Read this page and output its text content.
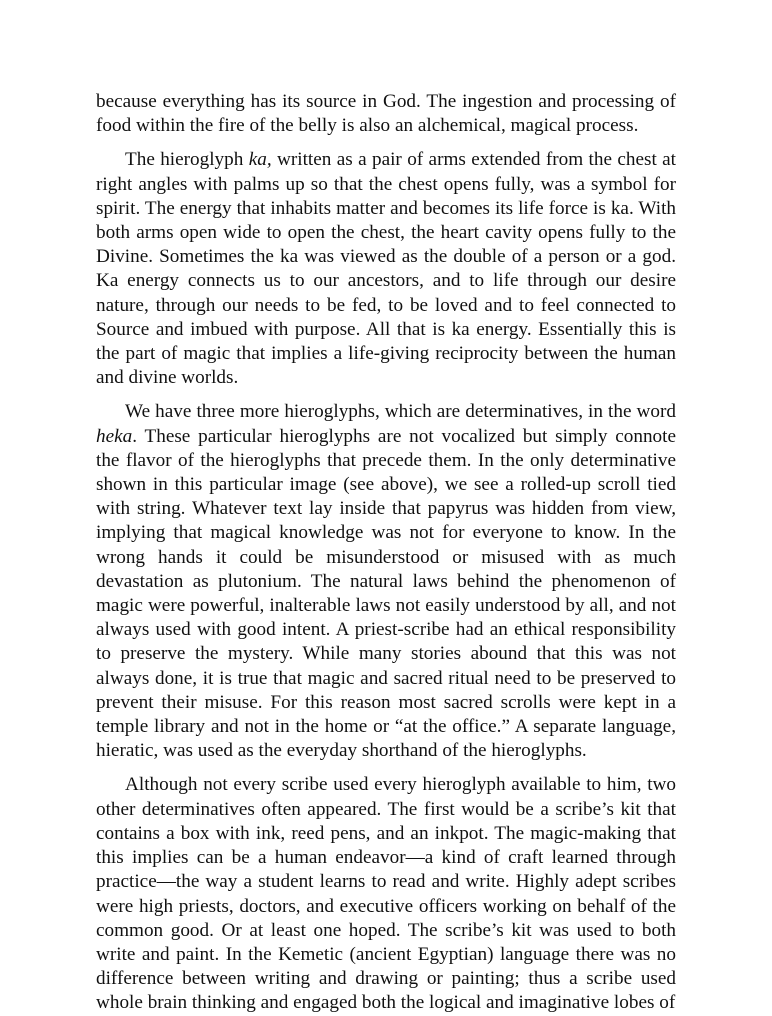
because everything has its source in God. The ingestion and processing of food within the fire of the belly is also an alchemical, magical process.

The hieroglyph ka, written as a pair of arms extended from the chest at right angles with palms up so that the chest opens fully, was a symbol for spirit. The energy that inhabits matter and becomes its life force is ka. With both arms open wide to open the chest, the heart cavity opens fully to the Divine. Sometimes the ka was viewed as the double of a person or a god. Ka energy connects us to our ancestors, and to life through our desire nature, through our needs to be fed, to be loved and to feel connected to Source and imbued with purpose. All that is ka energy. Essentially this is the part of magic that implies a life-giving reciprocity between the human and divine worlds.

We have three more hieroglyphs, which are determinatives, in the word heka. These particular hieroglyphs are not vocalized but simply connote the flavor of the hieroglyphs that precede them. In the only determinative shown in this particular image (see above), we see a rolled-up scroll tied with string. Whatever text lay inside that papyrus was hidden from view, implying that magical knowledge was not for everyone to know. In the wrong hands it could be misunderstood or misused with as much devastation as plutonium. The natural laws behind the phenomenon of magic were powerful, inalterable laws not easily understood by all, and not always used with good intent. A priest-scribe had an ethical responsibility to preserve the mystery. While many stories abound that this was not always done, it is true that magic and sacred ritual need to be preserved to prevent their misuse. For this reason most sacred scrolls were kept in a temple library and not in the home or “at the office.” A separate language, hieratic, was used as the everyday shorthand of the hieroglyphs.

Although not every scribe used every hieroglyph available to him, two other determinatives often appeared. The first would be a scribe’s kit that contains a box with ink, reed pens, and an inkpot. The magic-making that this implies can be a human endeavor—a kind of craft learned through practice—the way a student learns to read and write. Highly adept scribes were high priests, doctors, and executive officers working on behalf of the common good. Or at least one hoped. The scribe’s kit was used to both write and paint. In the Kemetic (ancient Egyptian) language there was no difference between writing and drawing or painting; thus a scribe used whole brain thinking and engaged both the logical and imaginative lobes of
